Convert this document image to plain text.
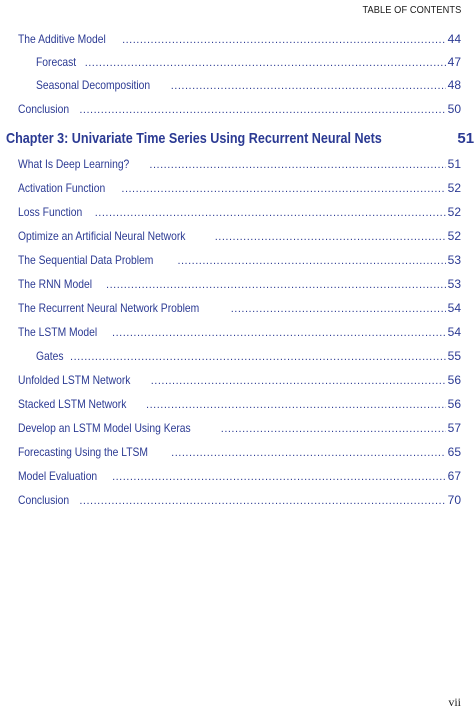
TABLE OF CONTENTS
The Additive Model .....	44
Forecast .....	47
Seasonal Decomposition .....	48
Conclusion .....	50
Chapter 3: Univariate Time Series Using Recurrent Neural Nets	51
What Is Deep Learning? .....	51
Activation Function .....	52
Loss Function .....	52
Optimize an Artificial Neural Network .....	52
The Sequential Data Problem .....	53
The RNN Model .....	53
The Recurrent Neural Network Problem .....	54
The LSTM Model .....	54
Gates .....	55
Unfolded LSTM Network .....	56
Stacked LSTM Network .....	56
Develop an LSTM Model Using Keras .....	57
Forecasting Using the LTSM .....	65
Model Evaluation .....	67
Conclusion .....	70
vii
